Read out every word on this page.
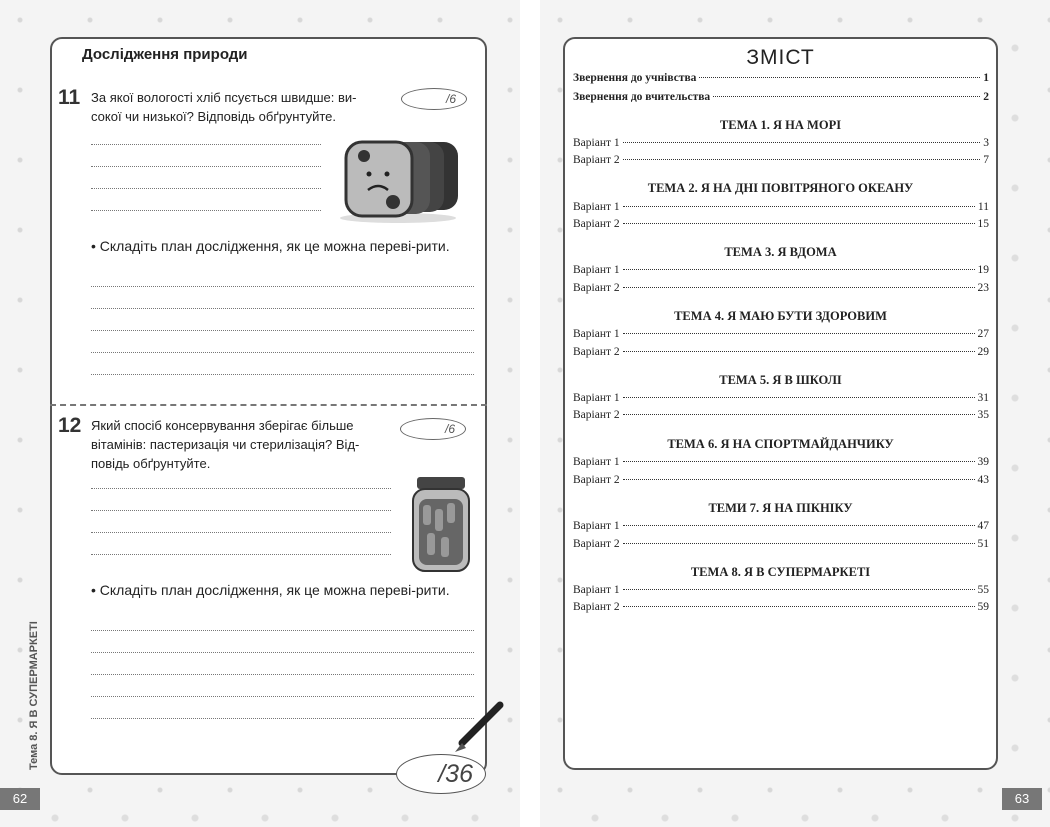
Дослідження природи
11 За якої вологості хліб псується швидше: ви-сокої чи низької? Відповідь обґрунтуйте.
/6
• Складіть план дослідження, як це можна переві-рити.
12 Який спосіб консервування зберігає більше вітамінів: пастеризація чи стерилізація? Від-повідь обґрунтуйте.
/6
• Складіть план дослідження, як це можна переві-рити.
Тема 8. Я В СУПЕРМАРКЕТІ
/36
62
ЗМІСТ
Звернення до учнівства	1
Звернення до вчительства	2
ТЕМА 1. Я НА МОРІ
Варіант 1	3
Варіант 2	7
ТЕМА 2. Я НА ДНІ ПОВІТРЯНОГО ОКЕАНУ
Варіант 1	11
Варіант 2	15
ТЕМА 3. Я ВДОМА
Варіант 1	19
Варіант 2	23
ТЕМА 4. Я МАЮ БУТИ ЗДОРОВИМ
Варіант 1	27
Варіант 2	29
ТЕМА 5. Я В ШКОЛІ
Варіант 1	31
Варіант 2	35
ТЕМА 6. Я НА СПОРТМАЙДАНЧИКУ
Варіант 1	39
Варіант 2	43
ТЕМИ 7. Я НА ПІКНІКУ
Варіант 1	47
Варіант 2	51
ТЕМА 8. Я В СУПЕРМАРКЕТІ
Варіант 1	55
Варіант 2	59
63
